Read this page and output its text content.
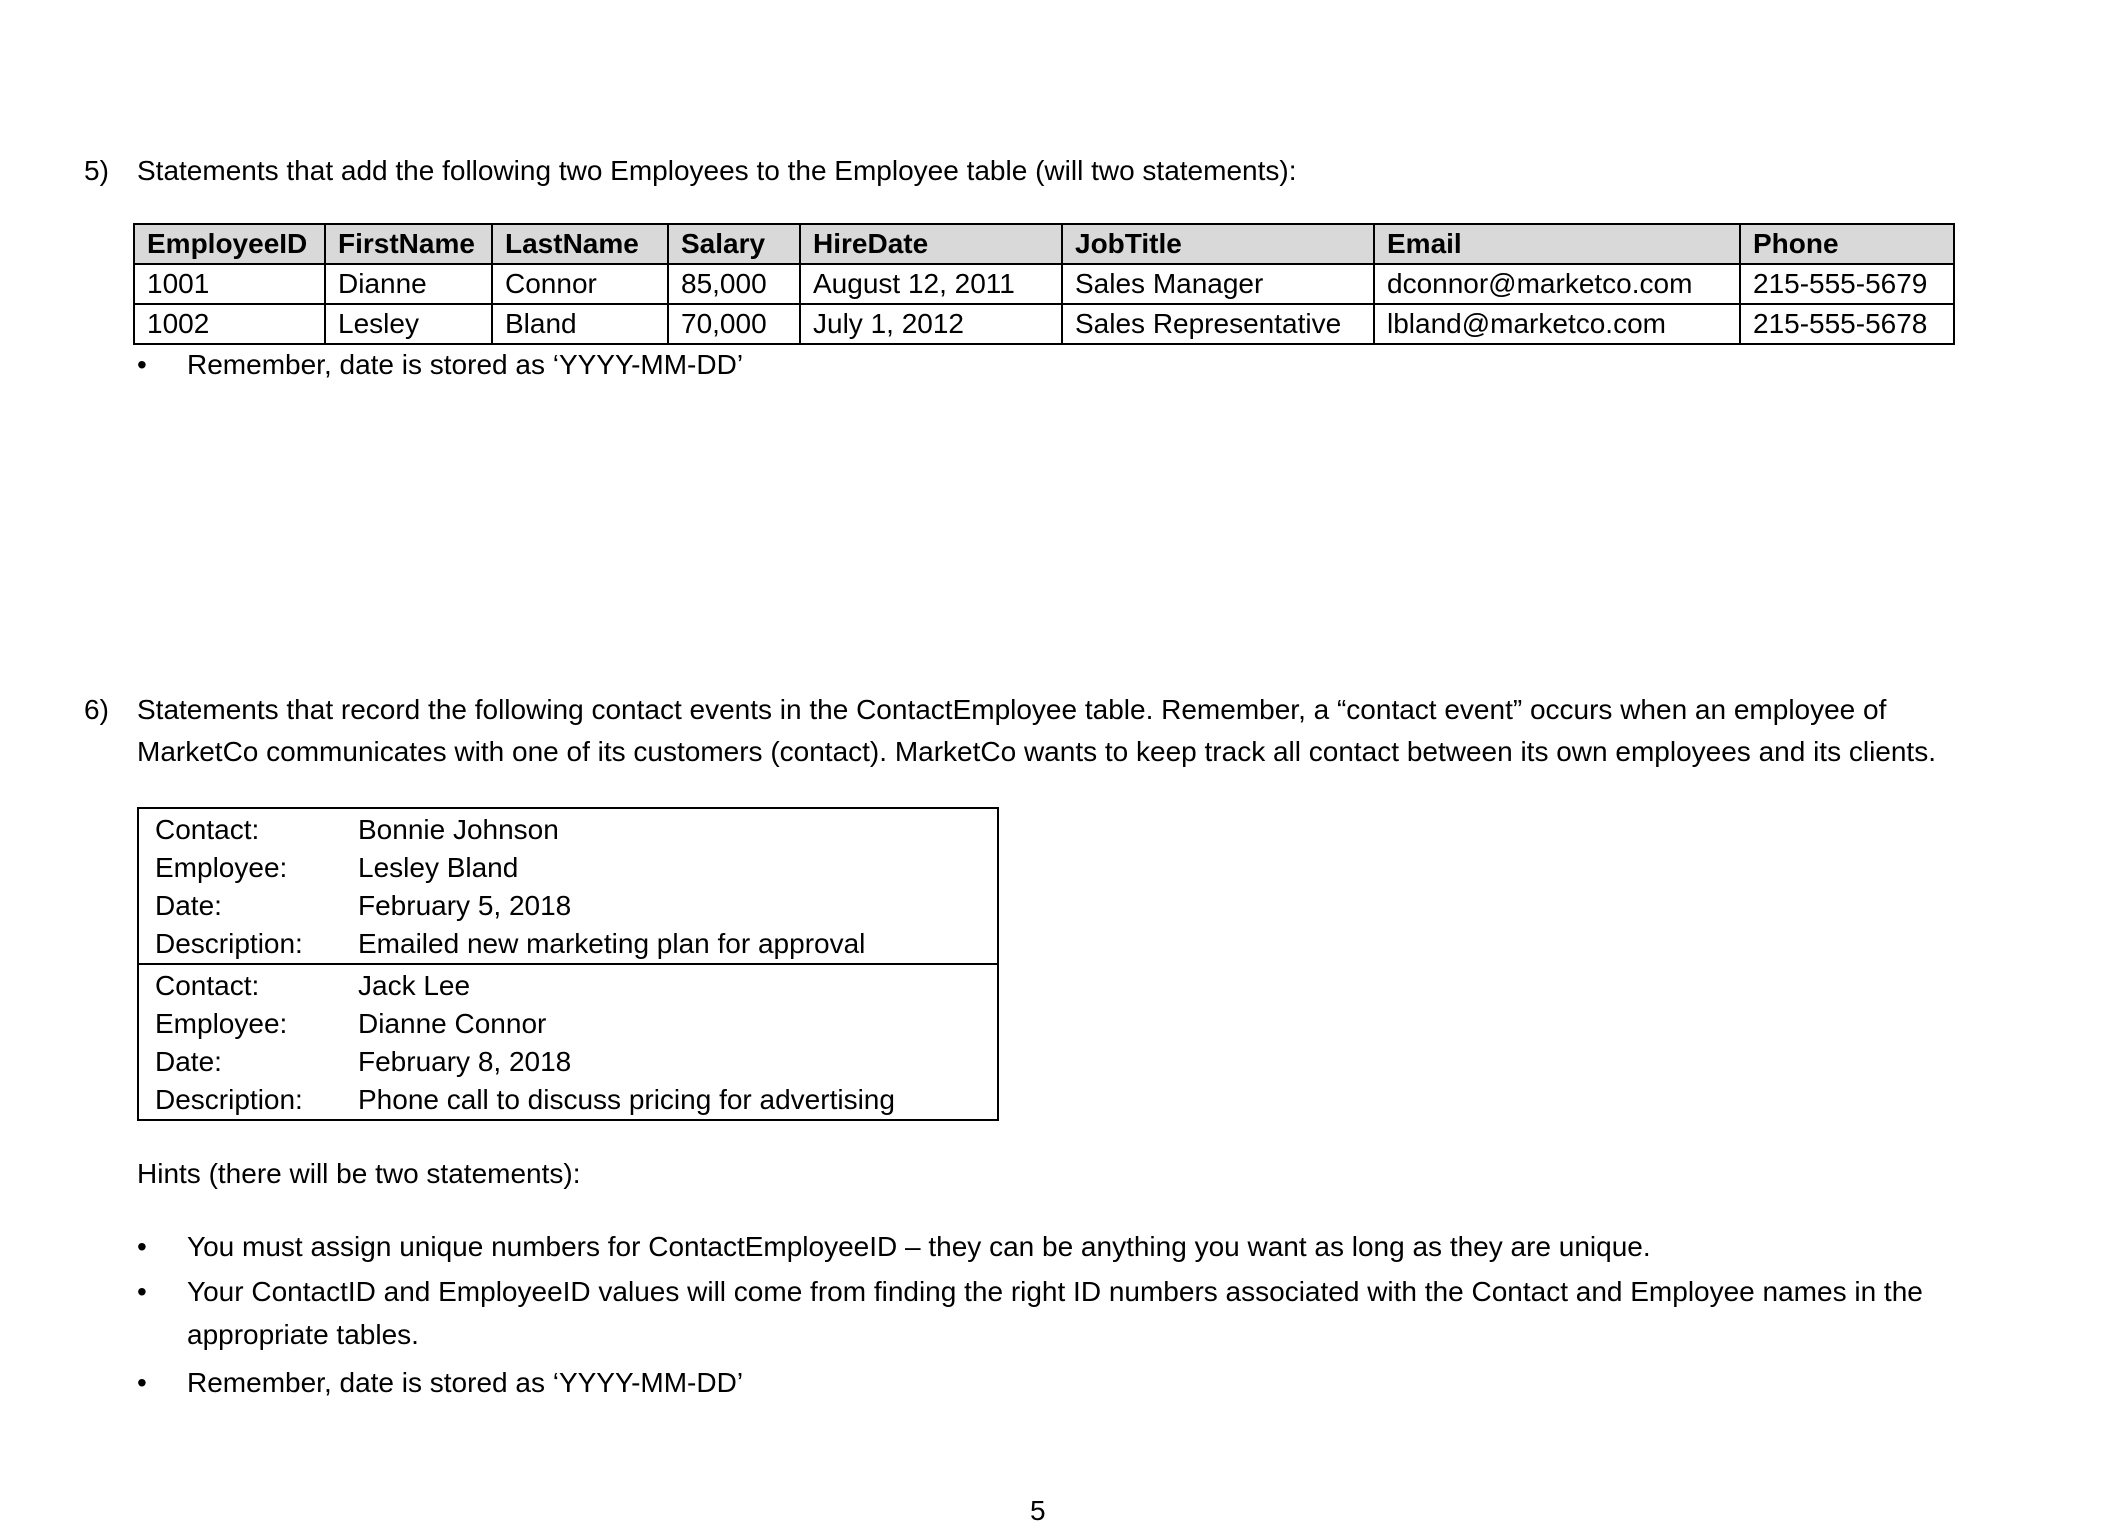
5) Statements that add the following two Employees to the Employee table (will two statements):
EmployeeID	FirstName	LastName	Salary	HireDate	JobTitle	Email	Phone
1001	Dianne	Connor	85,000	August 12, 2011	Sales Manager	dconnor@marketco.com	215-555-5679
1002	Lesley	Bland	70,000	July 1, 2012	Sales Representative	lbland@marketco.com	215-555-5678
•	Remember, date is stored as ‘YYYY-MM-DD’
6) Statements that record the following contact events in the ContactEmployee table. Remember, a “contact event” occurs when an employee of
MarketCo communicates with one of its customers (contact). MarketCo wants to keep track all contact between its own employees and its clients.
Contact:	Bonnie Johnson
Employee:	Lesley Bland
Date:	February 5, 2018
Description:	Emailed new marketing plan for approval
Contact:	Jack Lee
Employee:	Dianne Connor
Date:	February 8, 2018
Description:	Phone call to discuss pricing for advertising
Hints (there will be two statements):
•	You must assign unique numbers for ContactEmployeeID – they can be anything you want as long as they are unique.
•	Your ContactID and EmployeeID values will come from finding the right ID numbers associated with the Contact and Employee names in the
appropriate tables.
•	Remember, date is stored as ‘YYYY-MM-DD’
5
